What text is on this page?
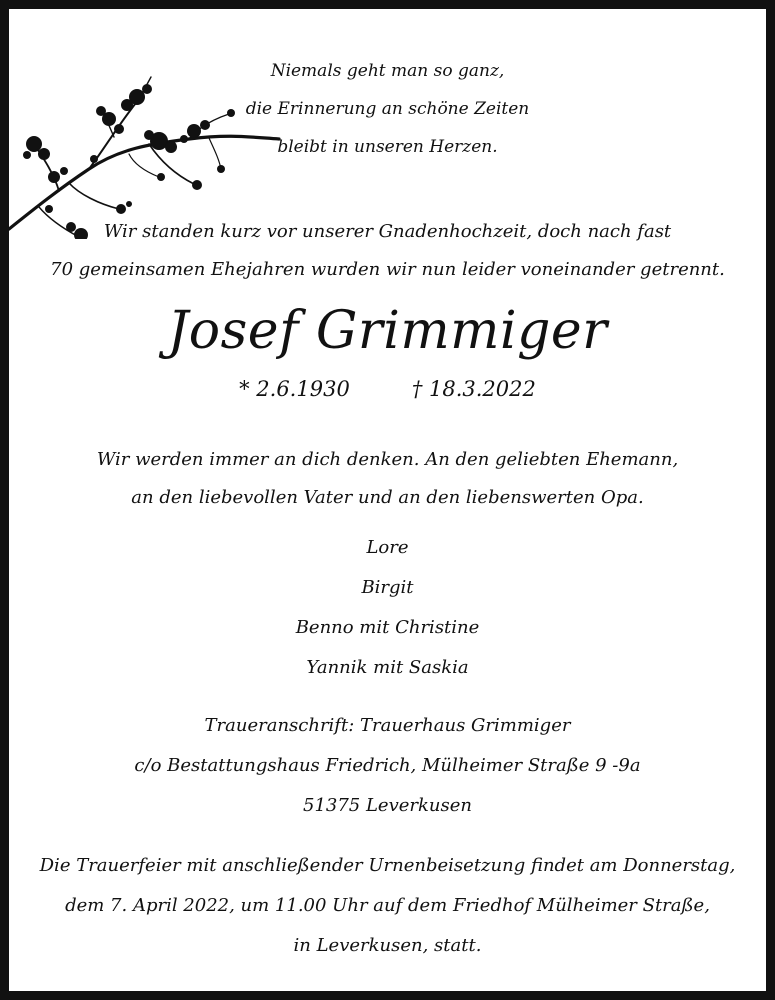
Niemals geht man so ganz,
die Erinnerung an schöne Zeiten
bleibt in unseren Herzen.
Wir standen kurz vor unserer Gnadenhochzeit, doch nach fast
70 gemeinsamen Ehejahren wurden wir nun leider voneinander getrennt.
Josef Grimmiger
* 2.6.1930	† 18.3.2022
Wir werden immer an dich denken. An den geliebten Ehemann,
an den liebevollen Vater und an den liebenswerten Opa.
Lore
Birgit
Benno mit Christine
Yannik mit Saskia
Traueranschrift: Trauerhaus Grimmiger
c/o Bestattungshaus Friedrich, Mülheimer Straße 9 -9a
51375 Leverkusen
Die Trauerfeier mit anschließender Urnenbeisetzung findet am Donnerstag,
dem 7. April 2022, um 11.00 Uhr auf dem Friedhof Mülheimer Straße,
in Leverkusen, statt.
